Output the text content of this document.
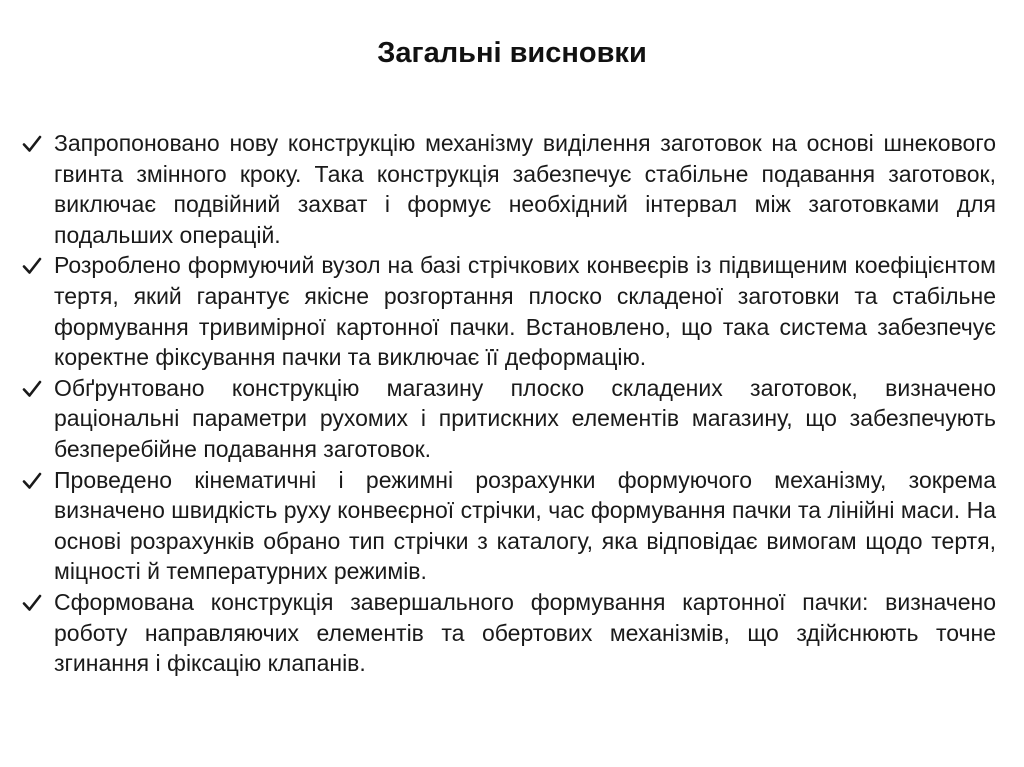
Загальні висновки
Запропоновано нову конструкцію механізму виділення заготовок на основі шнекового гвинта змінного кроку. Така конструкція забезпечує стабільне подавання заготовок, виключає подвійний захват і формує необхідний інтервал між заготовками для подальших операцій.
Розроблено формуючий вузол на базі стрічкових конвеєрів із підвищеним коефіцієнтом тертя, який гарантує якісне розгортання плоско складеної заготовки та стабільне формування тривимірної картонної пачки. Встановлено, що така система забезпечує коректне фіксування пачки та виключає її деформацію.
Обґрунтовано конструкцію магазину плоско складених заготовок, визначено раціональні параметри рухомих і притискних елементів магазину, що забезпечують безперебійне подавання заготовок.
Проведено кінематичні і режимні розрахунки формуючого механізму, зокрема визначено швидкість руху конвеєрної стрічки, час формування пачки та лінійні маси. На основі розрахунків обрано тип стрічки з каталогу, яка відповідає вимогам щодо тертя, міцності й температурних режимів.
Сформована конструкція завершального формування картонної пачки: визначено роботу направляючих елементів та обертових механізмів, що здійснюють точне згинання і фіксацію клапанів.
